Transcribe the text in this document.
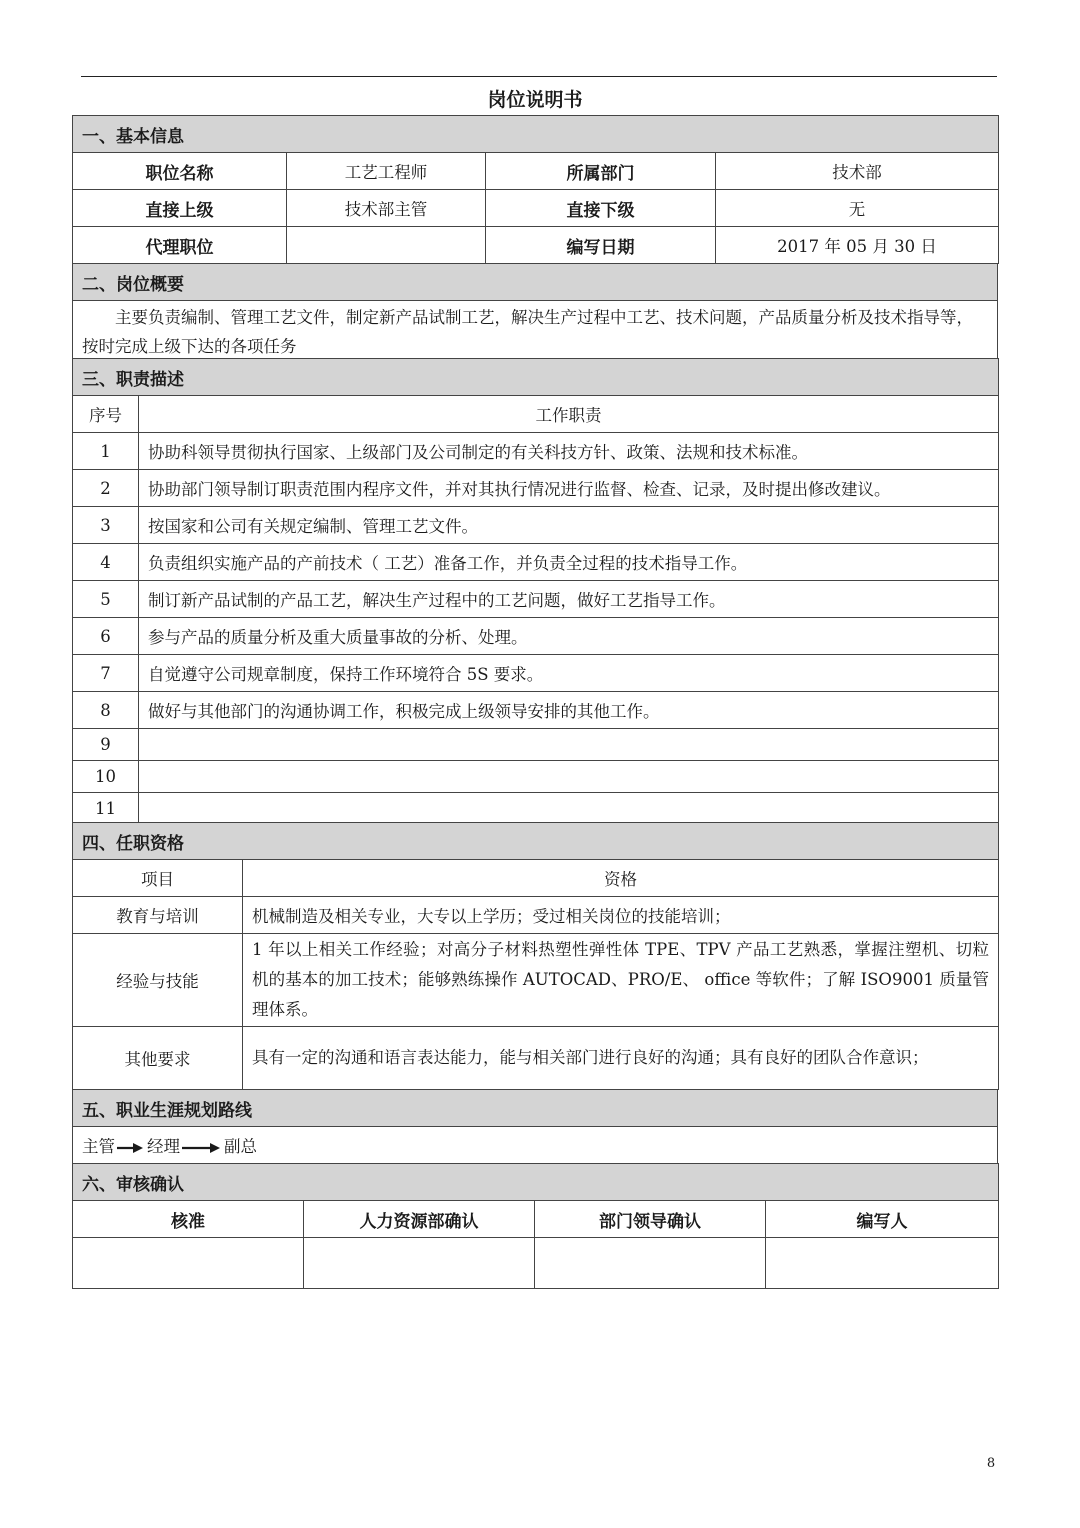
岗位说明书
一、基本信息			
职位名称	工艺工程师	所属部门	技术部
直接上级	技术部主管	直接下级	无
代理职位		编写日期	2017 年 05 月 30 日
二、岗位概要
主要负责编制、管理工艺文件，制定新产品试制工艺，解决生产过程中工艺、技术问题，产品质量分析及技术指导等，按时完成上级下达的各项任务
三、职责描述	
序号	工作职责
1	协助科领导贯彻执行国家、上级部门及公司制定的有关科技方针、政策、法规和技术标准。
2	协助部门领导制订职责范围内程序文件，并对其执行情况进行监督、检查、记录，及时提出修改建议。
3	按国家和公司有关规定编制、管理工艺文件。
4	负责组织实施产品的产前技术（ 工艺）准备工作，并负责全过程的技术指导工作。
5	制订新产品试制的产品工艺，解决生产过程中的工艺问题，做好工艺指导工作。
6	参与产品的质量分析及重大质量事故的分析、处理。
7	自觉遵守公司规章制度，保持工作环境符合 5S 要求。
8	做好与其他部门的沟通协调工作，积极完成上级领导安排的其他工作。
9	
10	
11	
四、任职资格	
项目	资格
教育与培训	机械制造及相关专业，大专以上学历；受过相关岗位的技能培训；
经验与技能	1 年以上相关工作经验；对高分子材料热塑性弹性体 TPE、TPV 产品工艺熟悉，掌握注塑机、切粒机的基本的加工技术；能够熟练操作 AUTOCAD、PRO/E、 office 等软件；了解 ISO9001 质量管理体系。
其他要求	具有一定的沟通和语言表达能力，能与相关部门进行良好的沟通；具有良好的团队合作意识；
五、职业生涯规划路线
主管 经理	副总
六、审核确认			
核准	人力资源部确认	部门领导确认	编写人

8
